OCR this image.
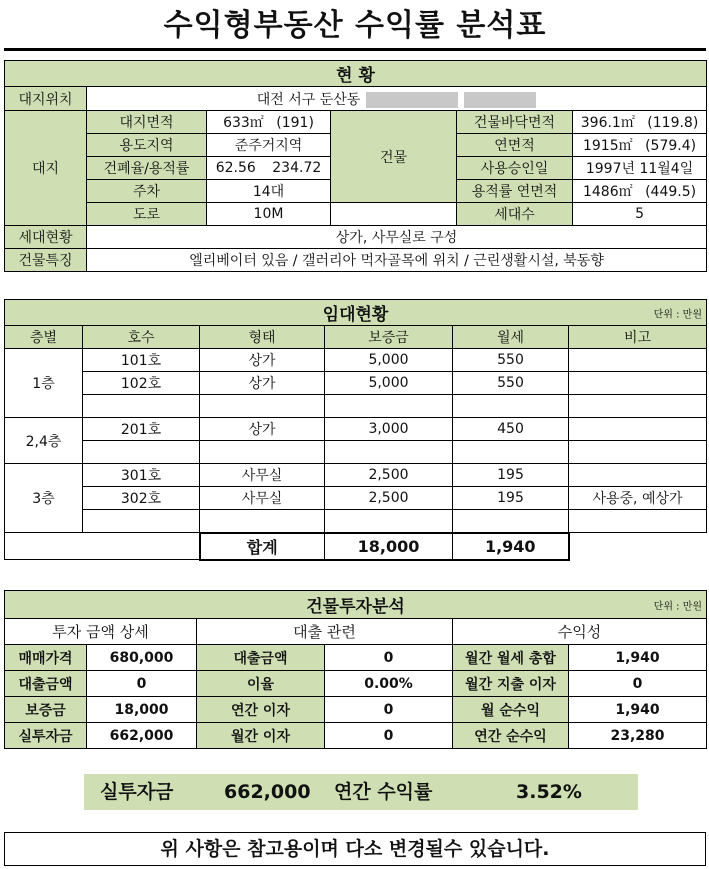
수익형부동산 수익률 분석표
현 황					
대지위치	대전 서구 둔산동				
대지	대지면적	633㎡ (191)	건물	건물바닥면적	396.1㎡ (119.8)
	용도지역	준주거지역		연면적	1915㎡ (579.4)
	건폐율/용적률	62.56 234.72		사용승인일	1997년 11월4일
	주차	14대		용적률 연면적	1486㎡ (449.5)
	도로	10M		세대수	5
세대현황	상가, 사무실로 구성				
건물특징	엘리베이터 있음 / 갤러리아 먹자골목에 위치 / 근린생활시설, 북동향				
임대현황 단위 : 만원					

층별	호수	형태	보증금	월세	비고
1층	101호	상가	5,000	550	
	102호	상가	5,000	550	

2,4층	201호	상가	3,000	450	

3층	301호	사무실	2,500	195	
	302호	사무실	2,500	195	사용중, 예상가

		합계	18,000	1,940	
건물투자분석 단위 : 만원					

투자 금액 상세		대출 관련		수익성	
매매가격	680,000	대출금액	0	월간 월세 총합	1,940
대출금액	0	이율	0.00%	월간 지출 이자	0
보증금	18,000	연간 이자	0	월 순수익	1,940
실투자금	662,000	월간 이자	0	연간 순수익	23,280
실투자금	662,000 연간 수익률	3.52%
위 사항은 참고용이며 다소 변경될수 있습니다.
